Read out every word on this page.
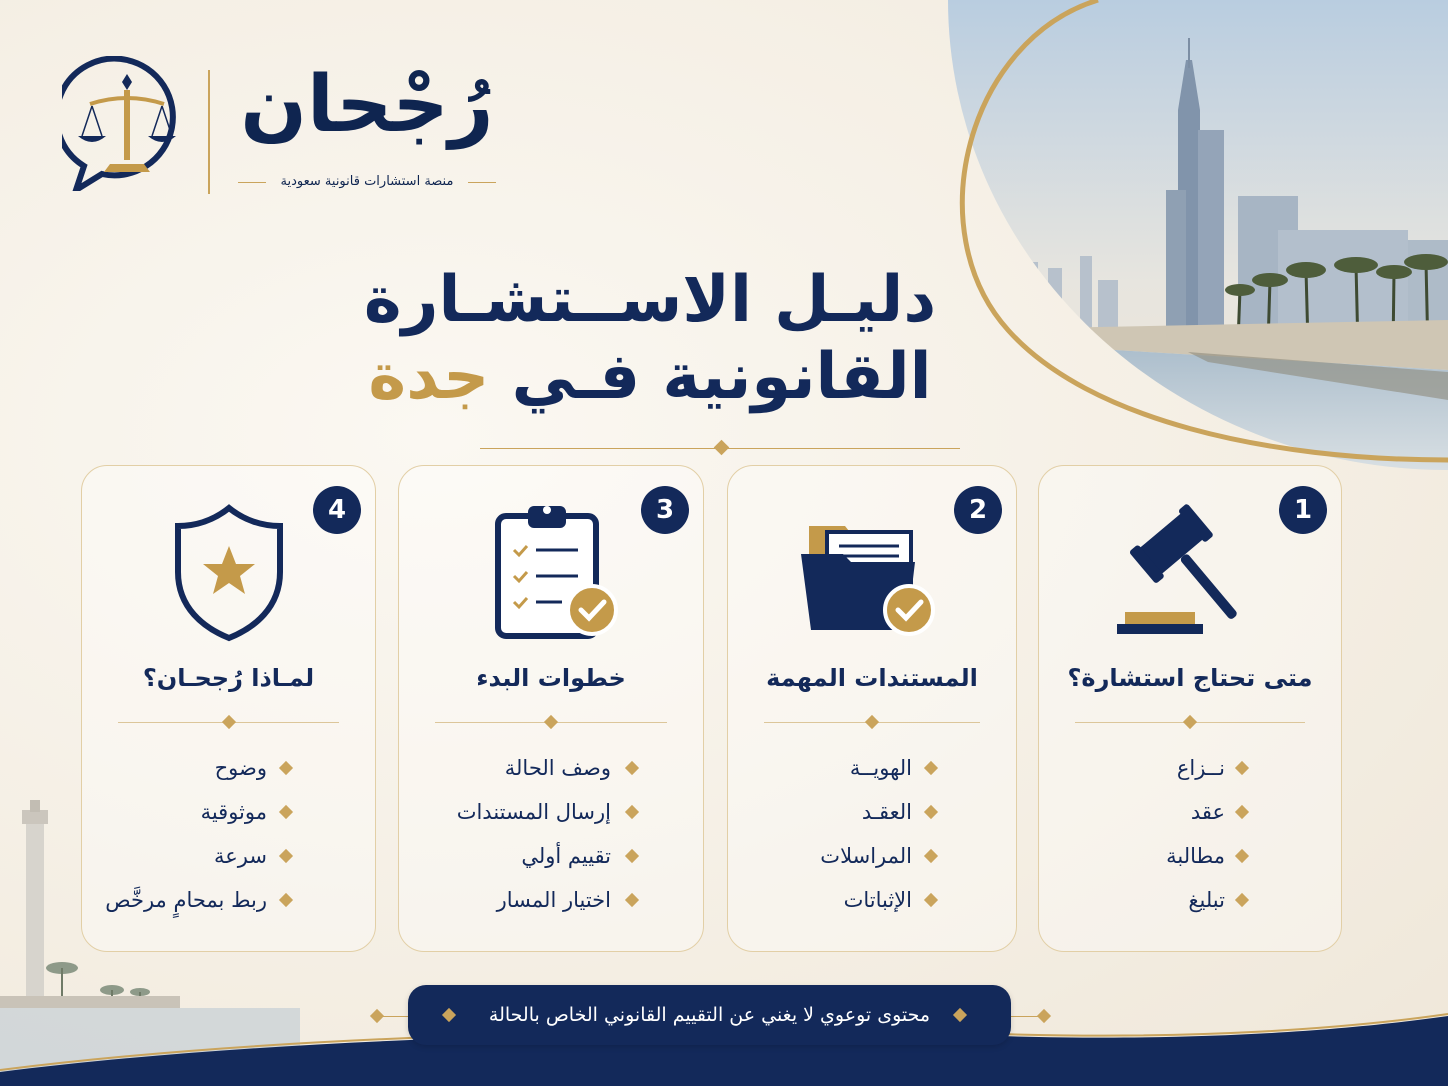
رُجْحان
منصة استشارات قانونية سعودية
دليـل الاســتشـارة
القانونية فـي جدة
1
متى تحتاج استشارة؟
نــزاع
عقد
مطالبة
تبليغ
2
المستندات المهمة
الهويــة
العقـد
المراسلات
الإثباتات
3
خطوات البدء
وصف الحالة
إرسال المستندات
تقييم أولي
اختيار المسار
4
لمـاذا رُجحـان؟
وضوح
موثوقية
سرعة
ربط بمحامٍ مرخَّص
محتوى توعوي لا يغني عن التقييم القانوني الخاص بالحالة
